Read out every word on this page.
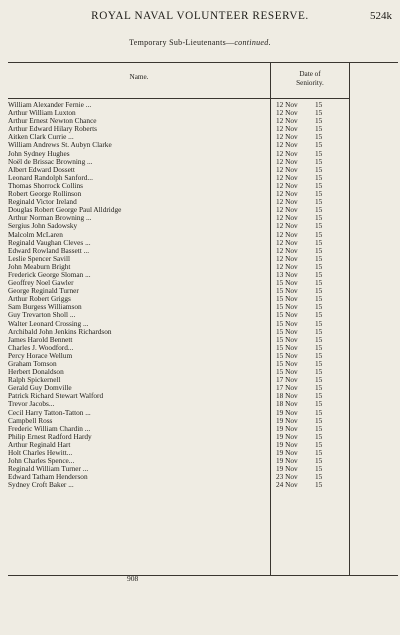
ROYAL NAVAL VOLUNTEER RESERVE.	524k
Temporary Sub-Lieutenants—continued.
Name.	Date of
Seniority.
William Alexander Fernie ...	12 Nov	15
Arthur William Luxton	12 Nov	15
Arthur Ernest Newton Chance	12 Nov	15
Arthur Edward Hilary Roberts	12 Nov	15
Aitken Clark Currie ...	12 Nov	15
William Andrews St. Aubyn Clarke	12 Nov	15
John Sydney Hughes	12 Nov	15
Noël de Brissac Browning ...	12 Nov	15
Albert Edward Dossett	12 Nov	15
Leonard Randolph Sanford...	12 Nov	15
Thomas Shorrock Collins	12 Nov	15
Robert George Rollinson	12 Nov	15
Reginald Victor Ireland	12 Nov	15
Douglas Robert George Paul Alldridge	12 Nov	15
Arthur Norman Browning ...	12 Nov	15
Sergius John Sadowsky	12 Nov	15
Malcolm McLaren	12 Nov	15
Reginald Vaughan Cleves ...	12 Nov	15
Edward Rowland Bassett ...	12 Nov	15
Leslie Spencer Savill	12 Nov	15
John Meaburn Bright	12 Nov	15
Frederick George Sloman ...	13 Nov	15
Geoffrey Noel Gawler	15 Nov	15
George Reginald Turner	15 Nov	15
Arthur Robert Griggs	15 Nov	15
Sam Burgess Williamson	15 Nov	15
Guy Trevarton Sholl ...	15 Nov	15
Walter Leonard Crossing ...	15 Nov	15
Archibald John Jenkins Richardson	15 Nov	15
James Harold Bennett	15 Nov	15
Charles J. Woodford...	15 Nov	15
Percy Horace Wellum	15 Nov	15
Graham Tomson	15 Nov	15
Herbert Donaldson	15 Nov	15
Ralph Spickernell	17 Nov	15
Gerald Guy Domville	17 Nov	15
Patrick Richard Stewart Walford	18 Nov	15
Trevor Jacobs...	18 Nov	15
Cecil Harry Tatton-Tatton ...	19 Nov	15
Campbell Ross	19 Nov	15
Frederic William Chardin ...	19 Nov	15
Philip Ernest Radford Hardy	19 Nov	15
Arthur Reginald Hart	19 Nov	15
Holt Charles Hewitt...	19 Nov	15
John Charles Spence...	19 Nov	15
Reginald William Turner ...	19 Nov	15
Edward Tatham Henderson	23 Nov	15
Sydney Croft Baker ...	24 Nov	15
908
